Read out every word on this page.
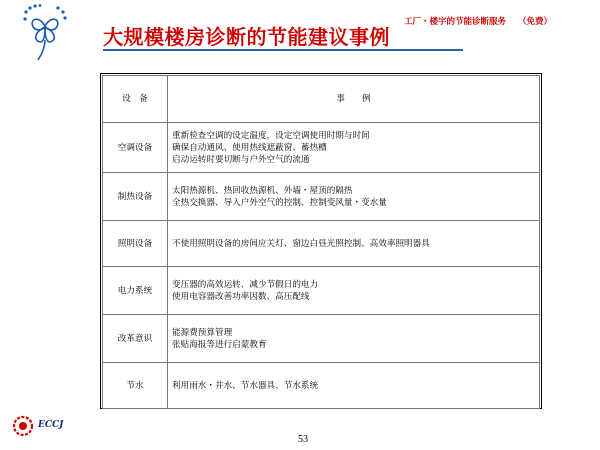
大规模楼房诊断的节能建议事例
工厂・楼宇的节能诊断服务 （免费）
设　备	事　　例
空调设备	重新检查空调的设定温度，设定空调使用时期与时间
确保自动通风、使用热线遮蔽窗、蓄热槽
启动运转时要切断与户外空气的流通

制热设备	太阳热源机、热回收热源机、外墙・屋顶的隔热
全热交换器、导入户外空气的控制、控制变风量・变水量

照明设备	不使用照明设备的房间应关灯、窗边白昼光照控制、高效率照明器具

电力系统	变压器的高效运转、减少节假日的电力
使用电容器改善功率因数、高压配线

改革意识	能源费预算管理
张贴海报等进行启蒙教育

节水	利用雨水・井水、节水器具、节水系统
ECCJ
53
